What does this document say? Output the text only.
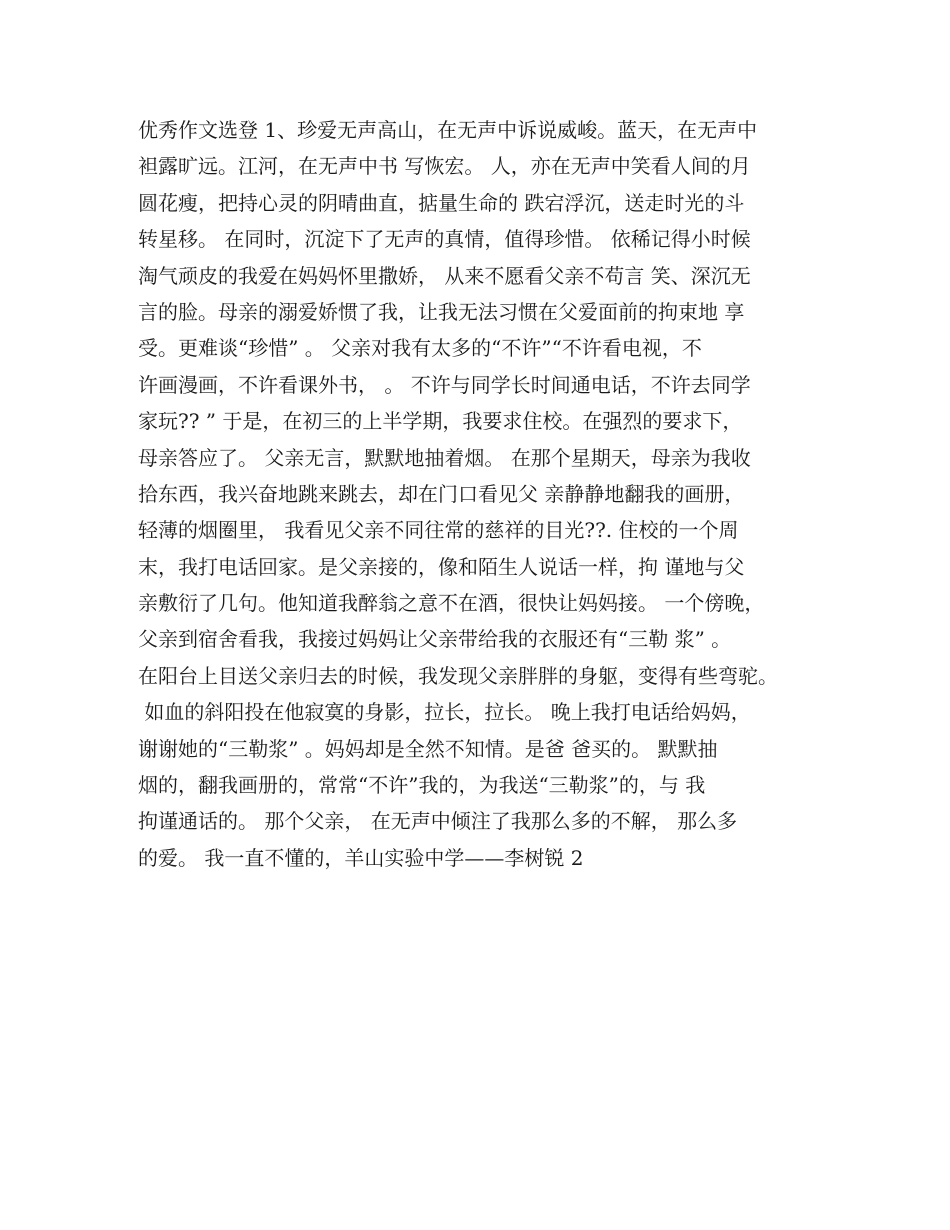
优秀作文选登 1、珍爱无声高山，在无声中诉说威峻。蓝天，在无声中
袒露旷远。江河，在无声中书 写恢宏。 人，亦在无声中笑看人间的月
圆花瘦，把持心灵的阴晴曲直，掂量生命的 跌宕浮沉，送走时光的斗
转星移。 在同时，沉淀下了无声的真情，值得珍惜。 依稀记得小时候
淘气顽皮的我爱在妈妈怀里撒娇， 从来不愿看父亲不苟言 笑、深沉无
言的脸。母亲的溺爱娇惯了我，让我无法习惯在父爱面前的拘束地 享
受。更难谈“珍惜” 。 父亲对我有太多的“不许”“不许看电视，不
许画漫画，不许看课外书， 。 不许与同学长时间通电话，不许去同学
家玩?? ” 于是，在初三的上半学期，我要求住校。在强烈的要求下，
母亲答应了。 父亲无言，默默地抽着烟。 在那个星期天，母亲为我收
拾东西，我兴奋地跳来跳去，却在门口看见父 亲静静地翻我的画册，
轻薄的烟圈里， 我看见父亲不同往常的慈祥的目光??. 住校的一个周
末，我打电话回家。是父亲接的，像和陌生人说话一样，拘 谨地与父
亲敷衍了几句。他知道我醉翁之意不在酒，很快让妈妈接。 一个傍晚，
父亲到宿舍看我，我接过妈妈让父亲带给我的衣服还有“三勒 浆” 。
在阳台上目送父亲归去的时候，我发现父亲胖胖的身躯，变得有些弯驼。
如血的斜阳投在他寂寞的身影，拉长，拉长。 晚上我打电话给妈妈，
谢谢她的“三勒浆” 。妈妈却是全然不知情。是爸 爸买的。 默默抽
烟的，翻我画册的，常常“不许”我的，为我送“三勒浆”的，与 我
拘谨通话的。 那个父亲， 在无声中倾注了我那么多的不解， 那么多
的爱。 我一直不懂的，羊山实验中学——李树锐 2
